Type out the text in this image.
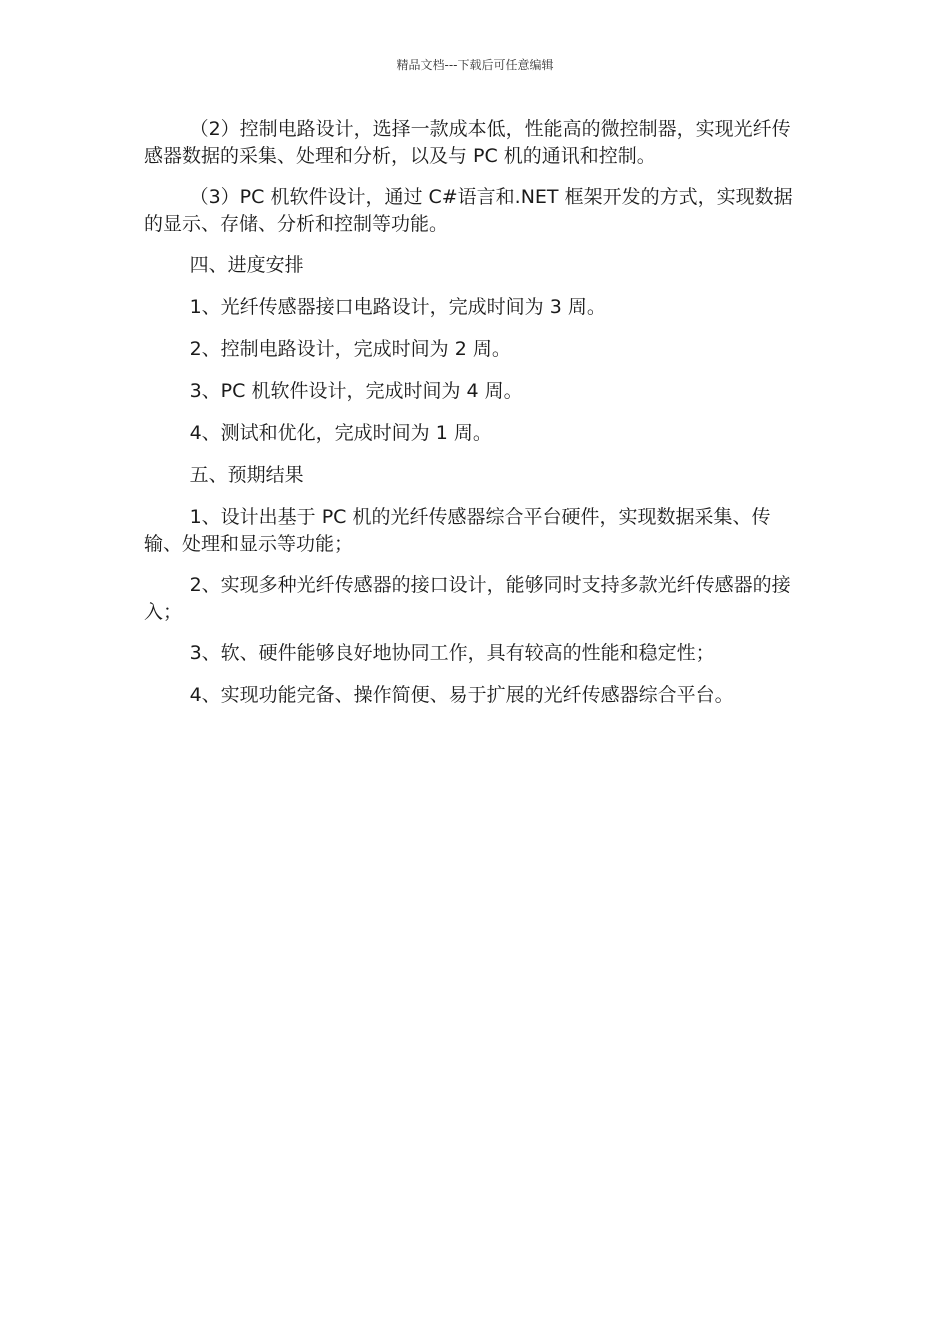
精品文档---下载后可任意编辑

（2）控制电路设计，选择一款成本低，性能高的微控制器，实现光纤传感器数据的采集、处理和分析，以及与 PC 机的通讯和控制。

（3）PC 机软件设计，通过 C#语言和.NET 框架开发的方式，实现数据的显示、存储、分析和控制等功能。

四、进度安排

1、光纤传感器接口电路设计，完成时间为 3 周。

2、控制电路设计，完成时间为 2 周。

3、PC 机软件设计，完成时间为 4 周。

4、测试和优化，完成时间为 1 周。

五、预期结果

1、设计出基于 PC 机的光纤传感器综合平台硬件，实现数据采集、传输、处理和显示等功能；

2、实现多种光纤传感器的接口设计，能够同时支持多款光纤传感器的接入；

3、软、硬件能够良好地协同工作，具有较高的性能和稳定性；

4、实现功能完备、操作简便、易于扩展的光纤传感器综合平台。
